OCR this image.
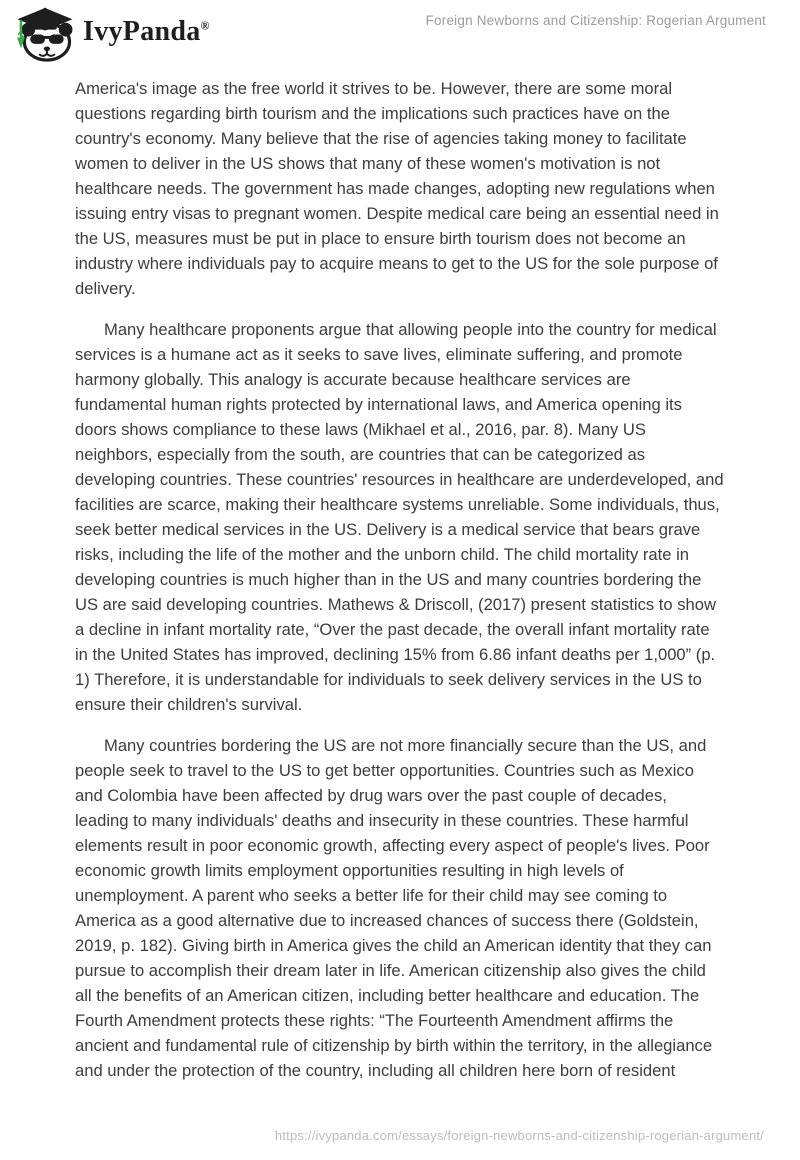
IvyPanda®	Foreign Newborns and Citizenship: Rogerian Argument

America's image as the free world it strives to be. However, there are some moral questions regarding birth tourism and the implications such practices have on the country's economy. Many believe that the rise of agencies taking money to facilitate women to deliver in the US shows that many of these women's motivation is not healthcare needs. The government has made changes, adopting new regulations when issuing entry visas to pregnant women. Despite medical care being an essential need in the US, measures must be put in place to ensure birth tourism does not become an industry where individuals pay to acquire means to get to the US for the sole purpose of delivery.

Many healthcare proponents argue that allowing people into the country for medical services is a humane act as it seeks to save lives, eliminate suffering, and promote harmony globally. This analogy is accurate because healthcare services are fundamental human rights protected by international laws, and America opening its doors shows compliance to these laws (Mikhael et al., 2016, par. 8). Many US neighbors, especially from the south, are countries that can be categorized as developing countries. These countries' resources in healthcare are underdeveloped, and facilities are scarce, making their healthcare systems unreliable. Some individuals, thus, seek better medical services in the US. Delivery is a medical service that bears grave risks, including the life of the mother and the unborn child. The child mortality rate in developing countries is much higher than in the US and many countries bordering the US are said developing countries. Mathews & Driscoll, (2017) present statistics to show a decline in infant mortality rate, “Over the past decade, the overall infant mortality rate in the United States has improved, declining 15% from 6.86 infant deaths per 1,000” (p. 1) Therefore, it is understandable for individuals to seek delivery services in the US to ensure their children's survival.

Many countries bordering the US are not more financially secure than the US, and people seek to travel to the US to get better opportunities. Countries such as Mexico and Colombia have been affected by drug wars over the past couple of decades, leading to many individuals' deaths and insecurity in these countries. These harmful elements result in poor economic growth, affecting every aspect of people's lives. Poor economic growth limits employment opportunities resulting in high levels of unemployment. A parent who seeks a better life for their child may see coming to America as a good alternative due to increased chances of success there (Goldstein, 2019, p. 182). Giving birth in America gives the child an American identity that they can pursue to accomplish their dream later in life. American citizenship also gives the child all the benefits of an American citizen, including better healthcare and education. The Fourth Amendment protects these rights: “The Fourteenth Amendment affirms the ancient and fundamental rule of citizenship by birth within the territory, in the allegiance and under the protection of the country, including all children here born of resident

https://ivypanda.com/essays/foreign-newborns-and-citizenship-rogerian-argument/
